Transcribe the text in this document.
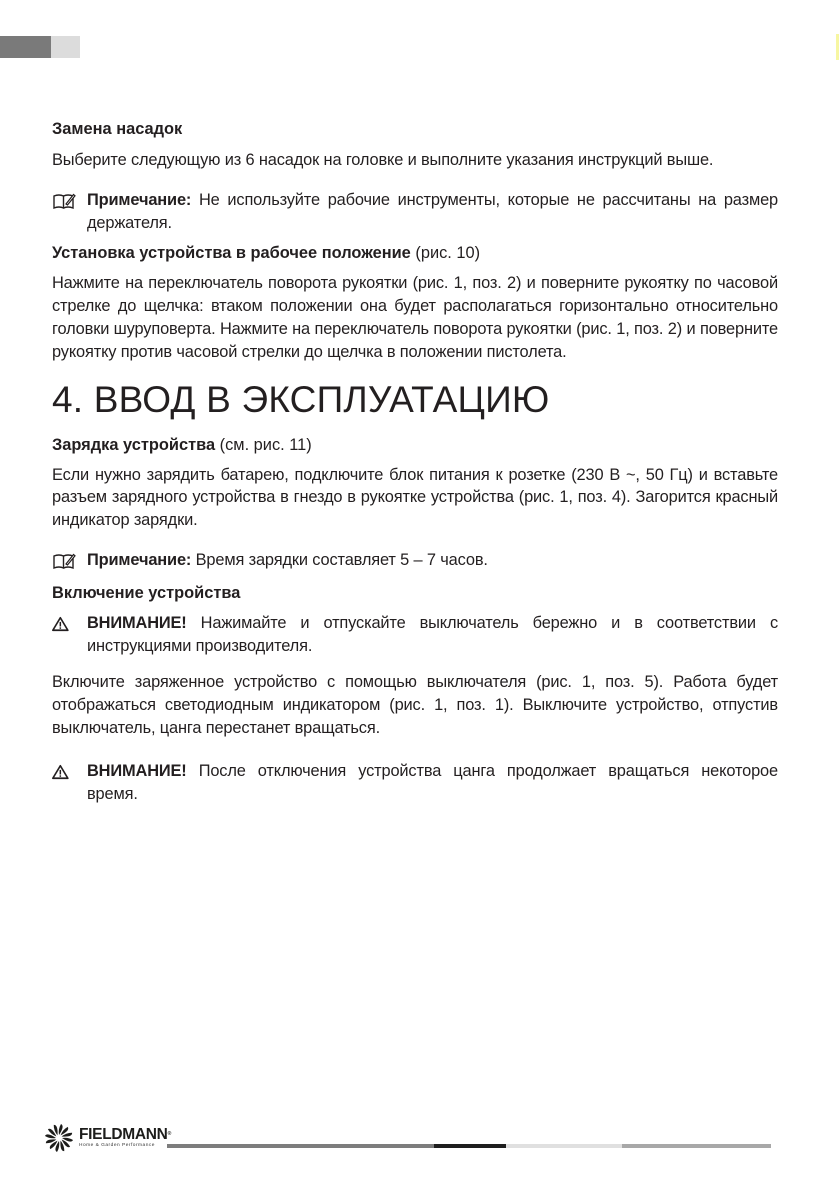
Замена насадок

Выберите следующую из 6 насадок на головке и выполните указания инструкций выше.

Примечание: Не используйте рабочие инструменты, которые не рассчитаны на размер держателя.

Установка устройства в рабочее положение (рис. 10)

Нажмите на переключатель поворота рукоятки (рис. 1, поз. 2) и поверните рукоятку по часовой стрелке до щелчка: втаком положении она будет располагаться горизонтально относительно головки шуруповерта. Нажмите на переключатель поворота рукоятки (рис. 1, поз. 2) и поверните рукоятку против часовой стрелки до щелчка в положении пистолета.

4. ВВОД В ЭКСПЛУАТАЦИЮ

Зарядка устройства (см. рис. 11)

Если нужно зарядить батарею, подключите блок питания к розетке (230 В ~, 50 Гц) и вставьте разъем зарядного устройства в гнездо в рукоятке устройства (рис. 1, поз. 4). Загорится красный индикатор зарядки.

Примечание: Время зарядки составляет 5 – 7 часов.

Включение устройства

ВНИМАНИЕ! Нажимайте и отпускайте выключатель бережно и в соответствии с инструкциями производителя.

Включите заряженное устройство с помощью выключателя (рис. 1, поз. 5). Работа будет отображаться светодиодным индикатором (рис. 1, поз. 1). Выключите устройство, отпустив выключатель, цанга перестанет вращаться.

ВНИМАНИЕ! После отключения устройства цанга продолжает вращаться некоторое время.

FIELDMANN®
Home & Garden Performance
